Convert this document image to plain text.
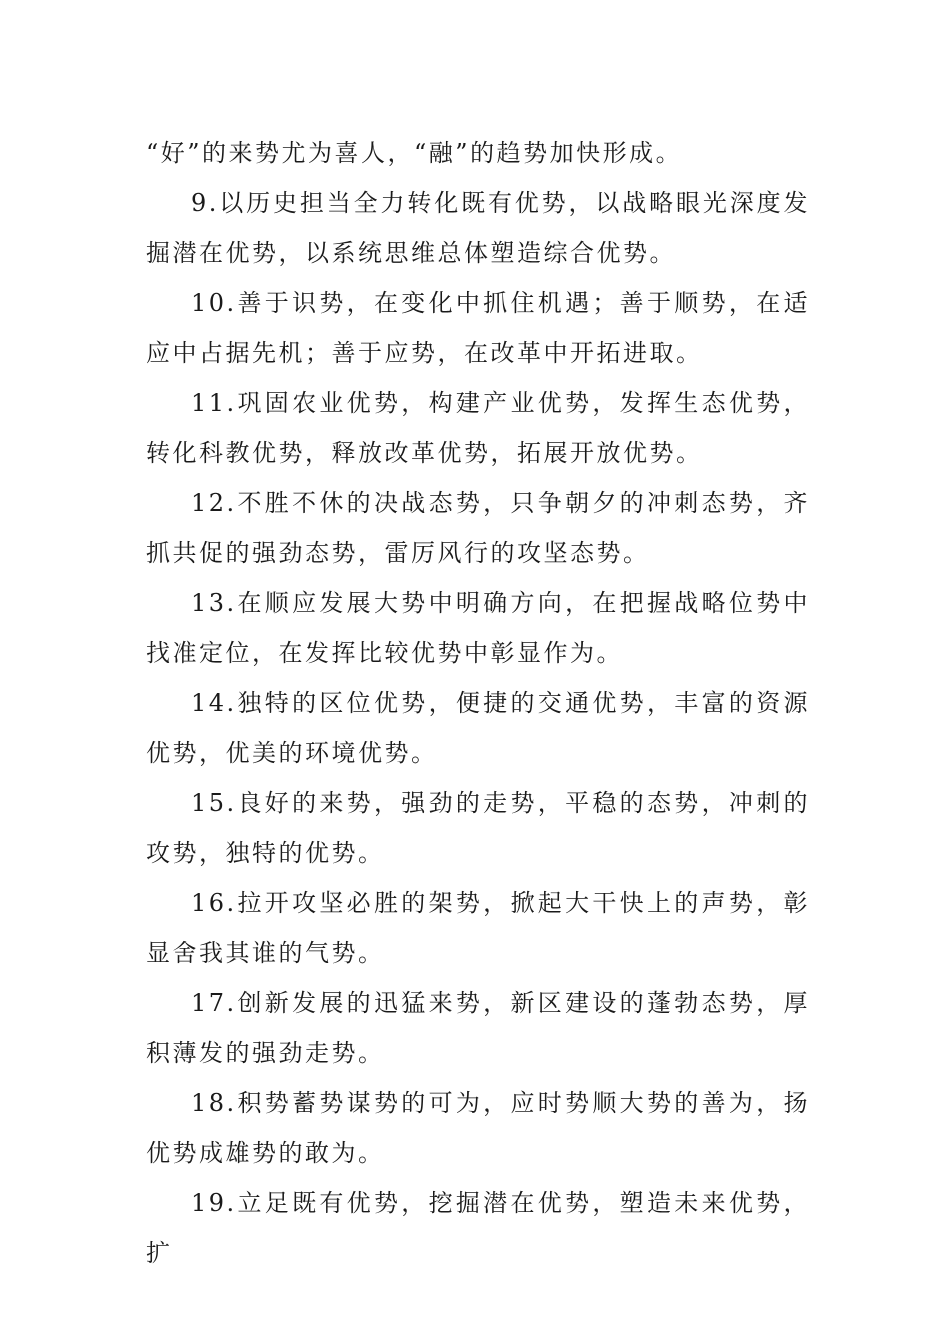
“好”的来势尤为喜人，“融”的趋势加快形成。

9.以历史担当全力转化既有优势，以战略眼光深度发掘潜在优势，以系统思维总体塑造综合优势。

10.善于识势，在变化中抓住机遇；善于顺势，在适应中占据先机；善于应势，在改革中开拓进取。

11.巩固农业优势，构建产业优势，发挥生态优势，转化科教优势，释放改革优势，拓展开放优势。

12.不胜不休的决战态势，只争朝夕的冲刺态势，齐抓共促的强劲态势，雷厉风行的攻坚态势。

13.在顺应发展大势中明确方向，在把握战略位势中找准定位，在发挥比较优势中彰显作为。

14.独特的区位优势，便捷的交通优势，丰富的资源优势，优美的环境优势。

15.良好的来势，强劲的走势，平稳的态势，冲刺的攻势，独特的优势。

16.拉开攻坚必胜的架势，掀起大干快上的声势，彰显舍我其谁的气势。

17.创新发展的迅猛来势，新区建设的蓬勃态势，厚积薄发的强劲走势。

18.积势蓄势谋势的可为，应时势顺大势的善为，扬优势成雄势的敢为。

19.立足既有优势，挖掘潜在优势，塑造未来优势，扩
